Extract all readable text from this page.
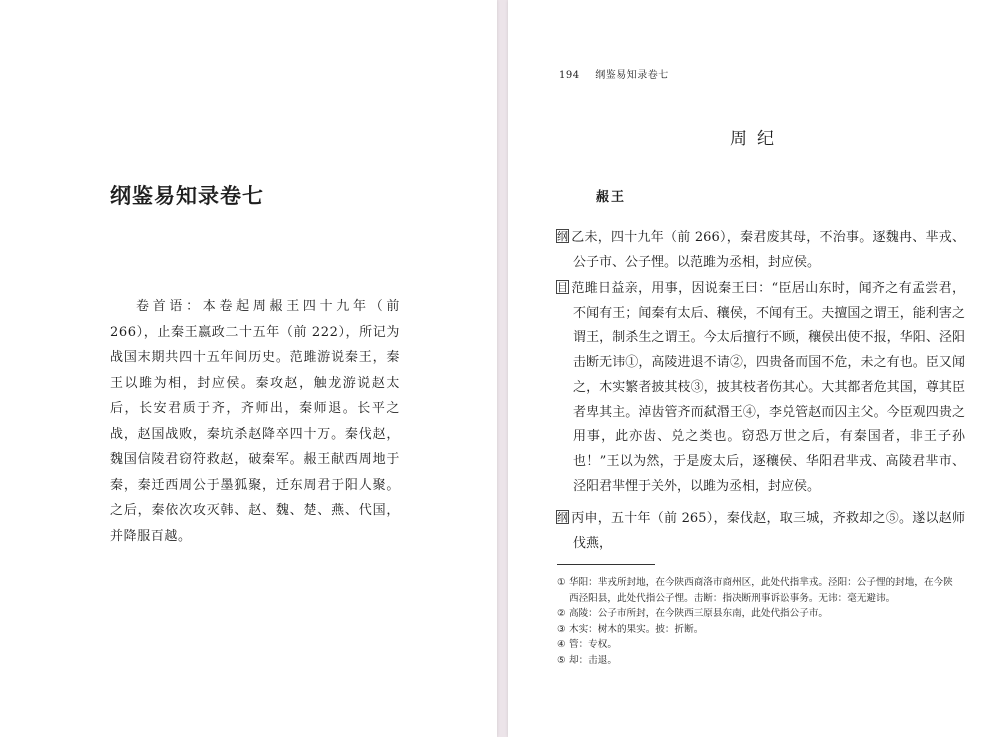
纲鉴易知录卷七

卷首语：本卷起周赧王四十九年（前 266），止秦王嬴政二十五年（前 222），所记为战国末期共四十五年间历史。范雎游说秦王，秦王以雎为相，封应侯。秦攻赵，触龙游说赵太后，长安君质于齐，齐师出，秦师退。长平之战，赵国战败，秦坑杀赵降卒四十万。秦伐赵，魏国信陵君窃符救赵，破秦军。赧王献西周地于秦，秦迁西周公于墨狐聚，迁东周君于阳人聚。之后，秦依次攻灭韩、赵、魏、楚、燕、代国，并降服百越。

194 纲鉴易知录卷七
周纪
赧王

纲 乙未，四十九年（前 266），秦君废其母，不治事。逐魏冉、芈戎、公子市、公子悝。以范雎为丞相，封应侯。

目 范雎日益亲，用事，因说秦王曰：“臣居山东时，闻齐之有孟尝君，不闻有王；闻秦有太后、穰侯，不闻有王。夫擅国之谓王，能利害之谓王，制杀生之谓王。今太后擅行不顾，穰侯出使不报，华阳、泾阳击断无讳①，高陵进退不请②，四贵备而国不危，未之有也。臣又闻之，木实繁者披其枝③，披其枝者伤其心。大其都者危其国，尊其臣者卑其主。淖齿管齐而弑湣王④，李兑管赵而囚主父。今臣观四贵之用事，此亦齿、兑之类也。窃恐万世之后，有秦国者，非王子孙也！”王以为然，于是废太后，逐穰侯、华阳君芈戎、高陵君芈市、泾阳君芈悝于关外，以雎为丞相，封应侯。

纲 丙申，五十年（前 265），秦伐赵，取三城，齐救却之⑤。遂以赵师伐燕，

① 华阳：芈戎所封地，在今陕西商洛市商州区，此处代指芈戎。泾阳：公子悝的封地，在今陕西泾阳县，此处代指公子悝。击断：指决断刑事诉讼事务。无讳：毫无避讳。
② 高陵：公子市所封，在今陕西三原县东南，此处代指公子市。
③ 木实：树木的果实。披：折断。
④ 管：专权。
⑤ 却：击退。
